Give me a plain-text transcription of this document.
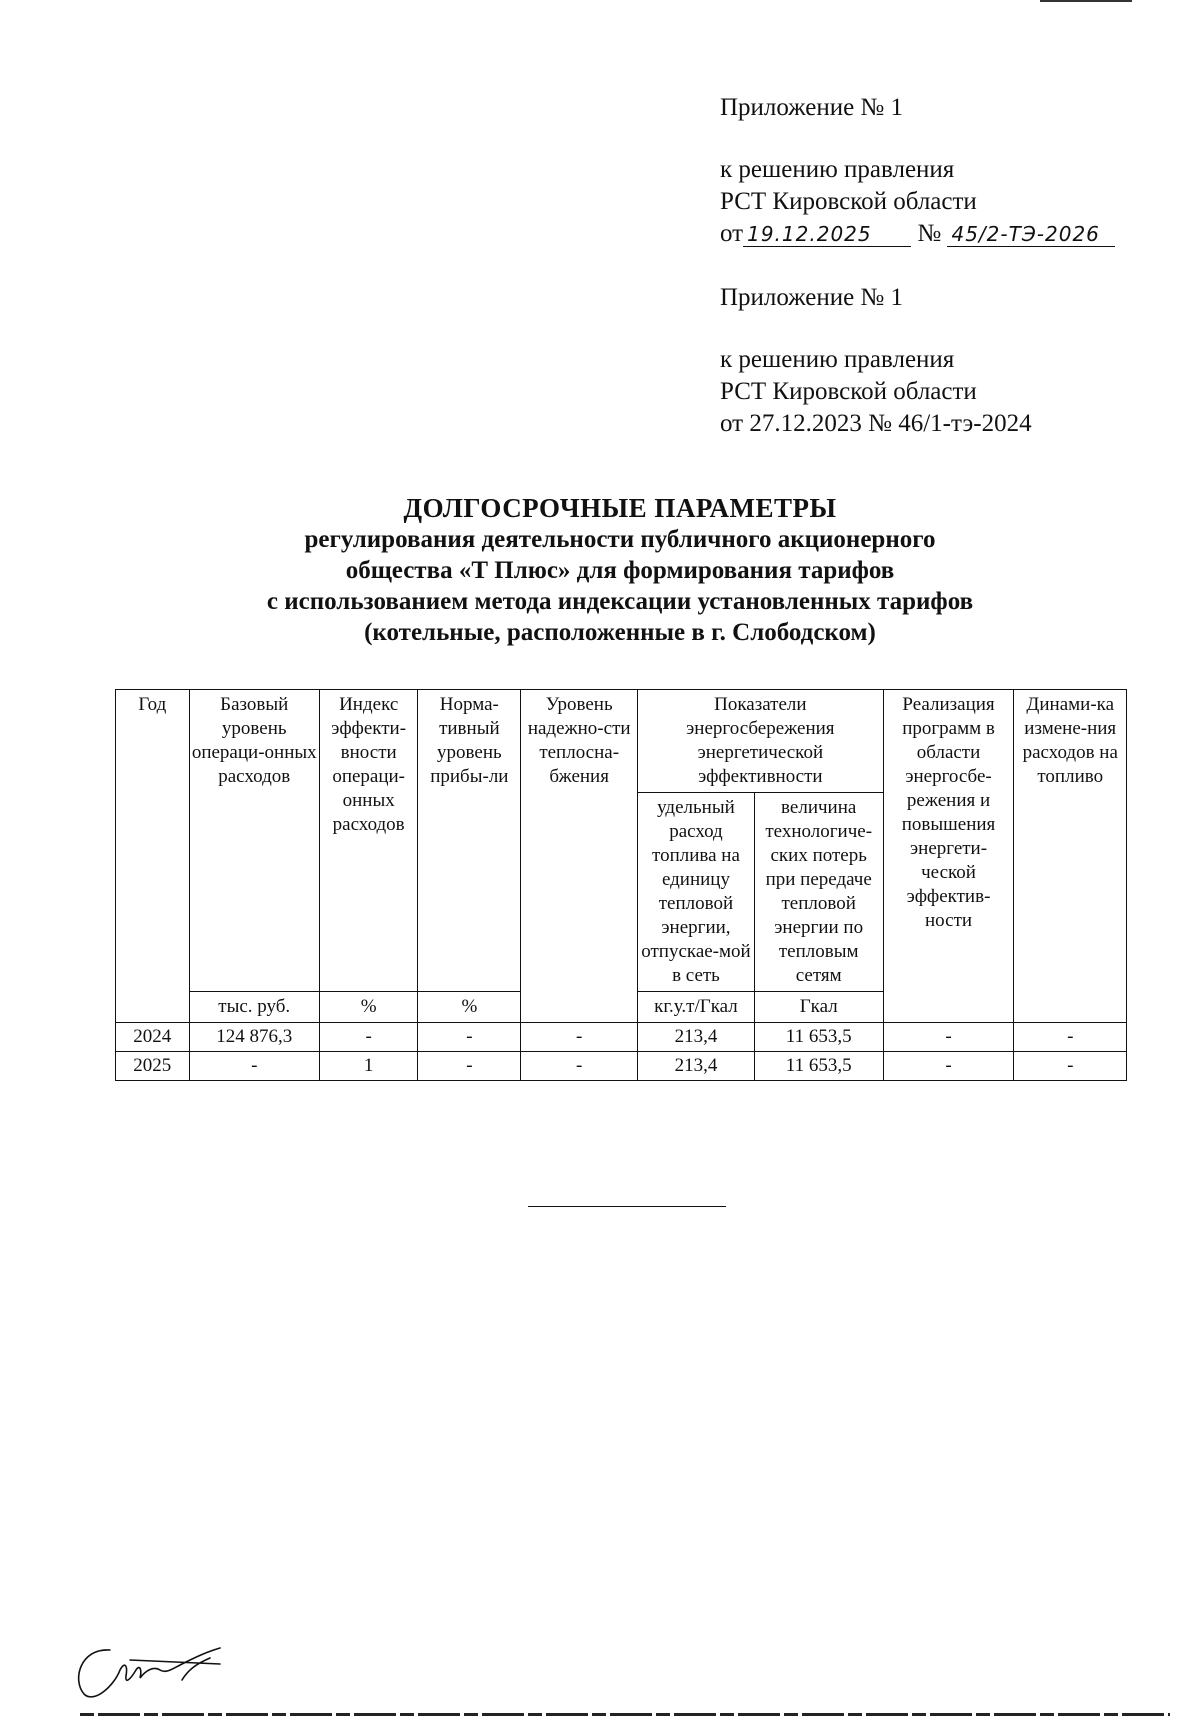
Приложение № 1
к решению правления
РСТ Кировской области
от 19.12.2025 № 45/2-ТЭ-2026
Приложение № 1
к решению правления
РСТ Кировской области
от 27.12.2023 № 46/1-тэ-2024
ДОЛГОСРОЧНЫЕ ПАРАМЕТРЫ
регулирования деятельности публичного акционерного
общества «Т Плюс» для формирования тарифов
с использованием метода индексации установленных тарифов
(котельные, расположенные в г. Слободском)
Год	Базовый уровень операци-онных расходов	Индекс эффекти-вности операци-онных расходов	Норма-тивный уровень прибы-ли	Уровень надежно-сти теплосна-бжения	Показатели энергосбережения энергетической эффективности		Реализация программ в области энергосбе-режения и повышения энергети-ческой эффектив-ности	Динами-ка измене-ния расходов на топливо
					удельный расход топлива на единицу тепловой энергии, отпускае-мой в сеть	величина технологиче-ских потерь при передаче тепловой энергии по тепловым сетям		
	тыс. руб.	%	%		кг.у.т/Гкал	Гкал		
2024	124 876,3	-	-	-	213,4	11 653,5	-	-
2025	-	1	-	-	213,4	11 653,5	-	-
